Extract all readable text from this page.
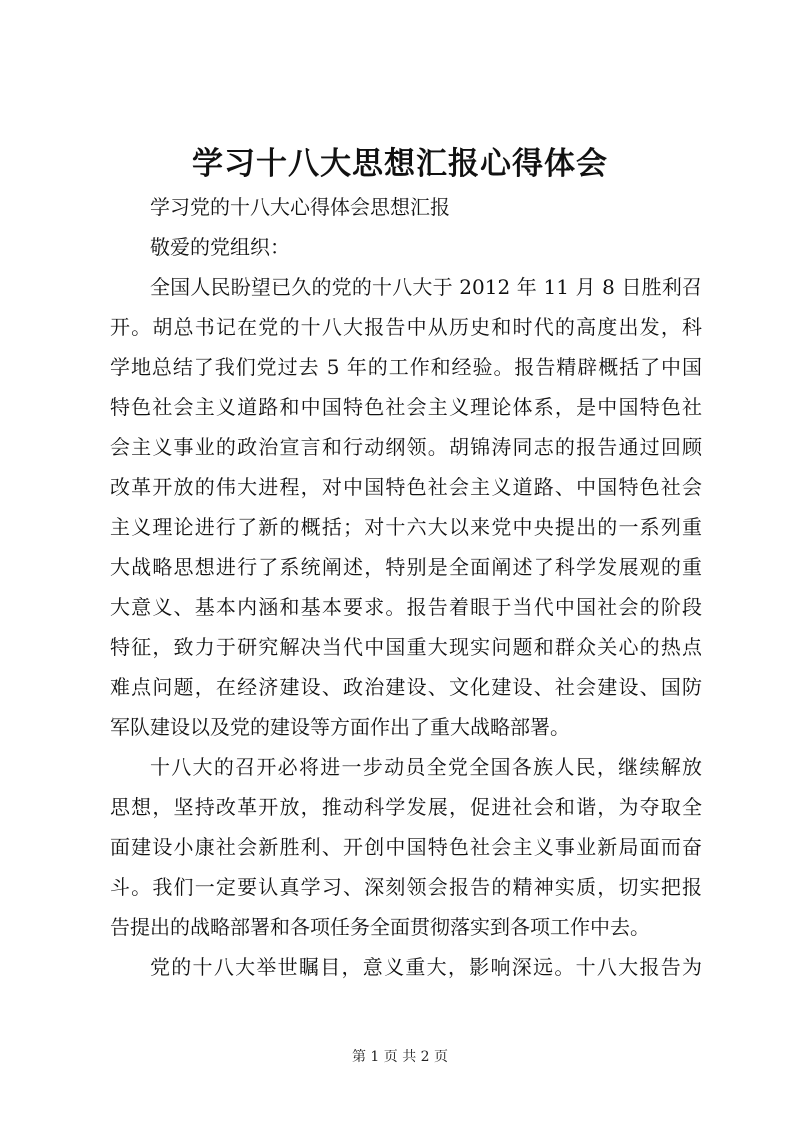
学习十八大思想汇报心得体会
学习党的十八大心得体会思想汇报
敬爱的党组织：
全国人民盼望已久的党的十八大于 2012 年 11 月 8 日胜利召
开。胡总书记在党的十八大报告中从历史和时代的高度出发，科
学地总结了我们党过去 5 年的工作和经验。报告精辟概括了中国
特色社会主义道路和中国特色社会主义理论体系，是中国特色社
会主义事业的政治宣言和行动纲领。胡锦涛同志的报告通过回顾
改革开放的伟大进程，对中国特色社会主义道路、中国特色社会
主义理论进行了新的概括；对十六大以来党中央提出的一系列重
大战略思想进行了系统阐述，特别是全面阐述了科学发展观的重
大意义、基本内涵和基本要求。报告着眼于当代中国社会的阶段
特征，致力于研究解决当代中国重大现实问题和群众关心的热点
难点问题，在经济建设、政治建设、文化建设、社会建设、国防
军队建设以及党的建设等方面作出了重大战略部署。
十八大的召开必将进一步动员全党全国各族人民，继续解放
思想，坚持改革开放，推动科学发展，促进社会和谐，为夺取全
面建设小康社会新胜利、开创中国特色社会主义事业新局面而奋
斗。我们一定要认真学习、深刻领会报告的精神实质，切实把报
告提出的战略部署和各项任务全面贯彻落实到各项工作中去。
党的十八大举世瞩目，意义重大，影响深远。十八大报告为
第 1 页 共 2 页
